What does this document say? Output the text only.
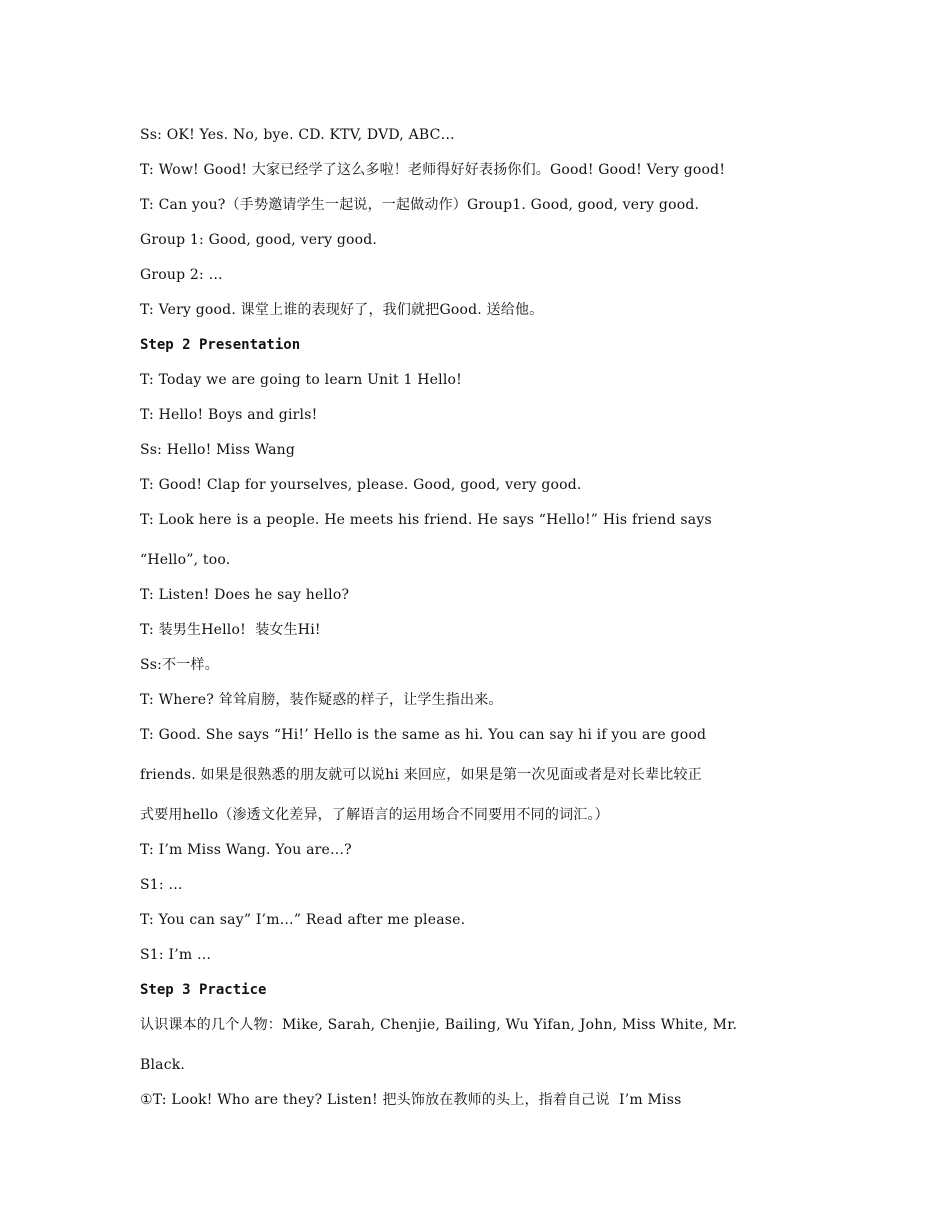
Ss: OK! Yes. No, bye. CD. KTV, DVD, ABC…
T: Wow! Good! 大家已经学了这么多啦！老师得好好表扬你们。Good! Good! Very good!
T: Can you?（手势邀请学生一起说，一起做动作）Group1. Good, good, very good.
Group 1: Good, good, very good.
Group 2: …
T: Very good. 课堂上谁的表现好了，我们就把Good. 送给他。
Step 2 Presentation
T: Today we are going to learn Unit 1 Hello!
T: Hello! Boys and girls!
Ss: Hello! Miss Wang
T: Good! Clap for yourselves, please. Good, good, very good.
T: Look here is a people. He meets his friend. He says “Hello!” His friend says
“Hello”, too.
T: Listen! Does he say hello?
T: 装男生Hello!  装女生Hi!
Ss:不一样。
T: Where? 耸耸肩膀，装作疑惑的样子，让学生指出来。
T: Good. She says “Hi!’ Hello is the same as hi. You can say hi if you are good
friends. 如果是很熟悉的朋友就可以说hi 来回应，如果是第一次见面或者是对长辈比较正
式要用hello（渗透文化差异，了解语言的运用场合不同要用不同的词汇。）
T: I’m Miss Wang. You are…?
S1: …
T: You can say” I’m…” Read after me please.
S1: I’m …
Step 3 Practice
认识课本的几个人物：Mike, Sarah, Chenjie, Bailing, Wu Yifan, John, Miss White, Mr.
Black.
①T: Look! Who are they? Listen! 把头饰放在教师的头上，指着自己说  I’m Miss
